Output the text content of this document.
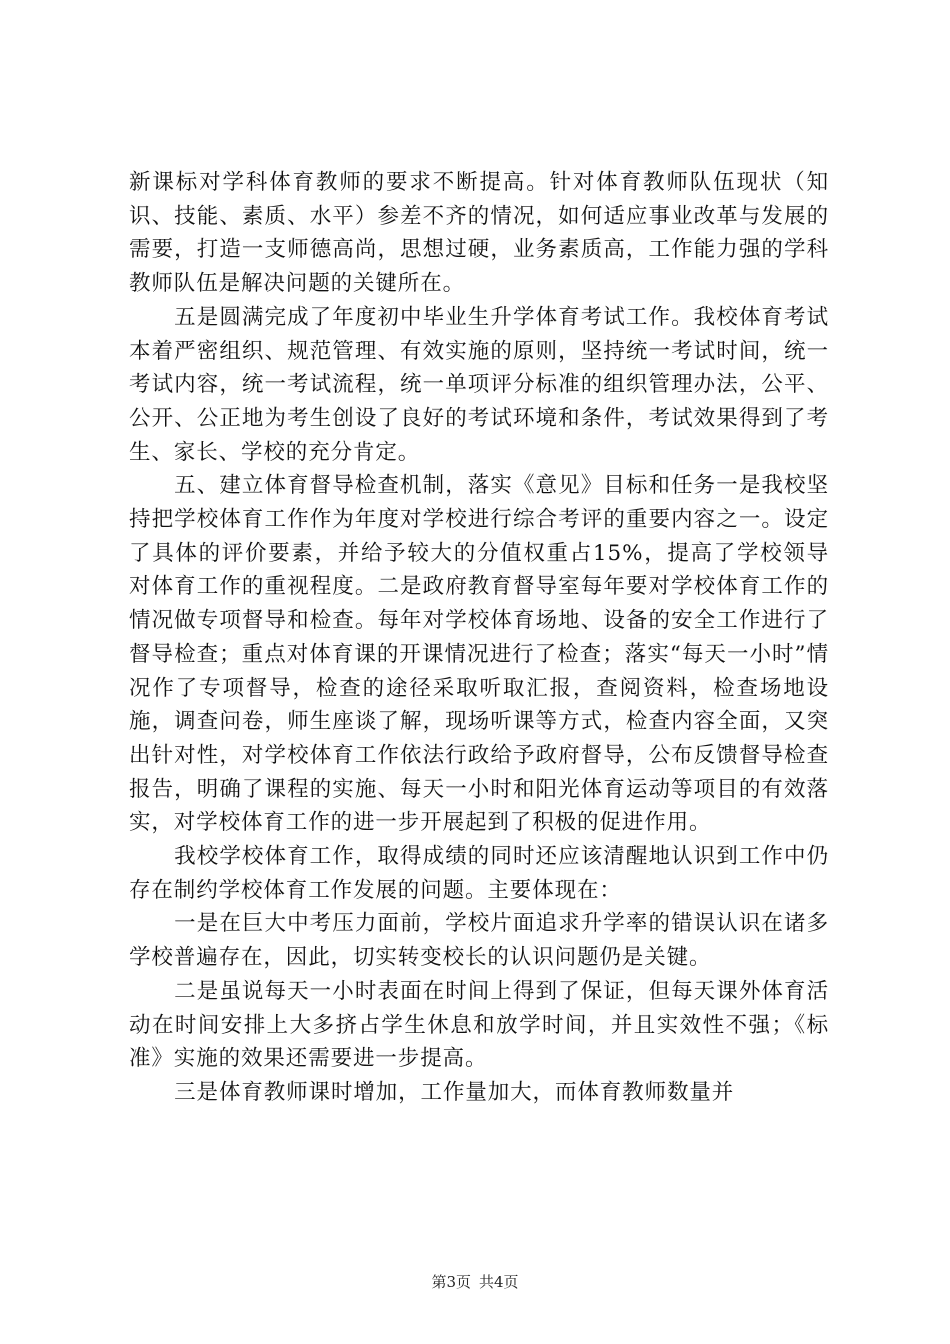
新课标对学科体育教师的要求不断提高。针对体育教师队伍现状（知识、技能、素质、水平）参差不齐的情况，如何适应事业改革与发展的需要，打造一支师德高尚，思想过硬，业务素质高，工作能力强的学科教师队伍是解决问题的关键所在。

五是圆满完成了年度初中毕业生升学体育考试工作。我校体育考试本着严密组织、规范管理、有效实施的原则，坚持统一考试时间，统一考试内容，统一考试流程，统一单项评分标准的组织管理办法，公平、公开、公正地为考生创设了良好的考试环境和条件，考试效果得到了考生、家长、学校的充分肯定。

五、建立体育督导检查机制，落实《意见》目标和任务一是我校坚持把学校体育工作作为年度对学校进行综合考评的重要内容之一。设定了具体的评价要素，并给予较大的分值权重占15%，提高了学校领导对体育工作的重视程度。二是政府教育督导室每年要对学校体育工作的情况做专项督导和检查。每年对学校体育场地、设备的安全工作进行了督导检查；重点对体育课的开课情况进行了检查；落实“每天一小时”情况作了专项督导，检查的途径采取听取汇报，查阅资料，检查场地设施，调查问卷，师生座谈了解，现场听课等方式，检查内容全面，又突出针对性，对学校体育工作依法行政给予政府督导，公布反馈督导检查报告，明确了课程的实施、每天一小时和阳光体育运动等项目的有效落实，对学校体育工作的进一步开展起到了积极的促进作用。

我校学校体育工作，取得成绩的同时还应该清醒地认识到工作中仍存在制约学校体育工作发展的问题。主要体现在：

一是在巨大中考压力面前，学校片面追求升学率的错误认识在诸多学校普遍存在，因此，切实转变校长的认识问题仍是关键。

二是虽说每天一小时表面在时间上得到了保证，但每天课外体育活动在时间安排上大多挤占学生休息和放学时间，并且实效性不强；《标准》实施的效果还需要进一步提高。

三是体育教师课时增加，工作量加大，而体育教师数量并

第3页 共4页
